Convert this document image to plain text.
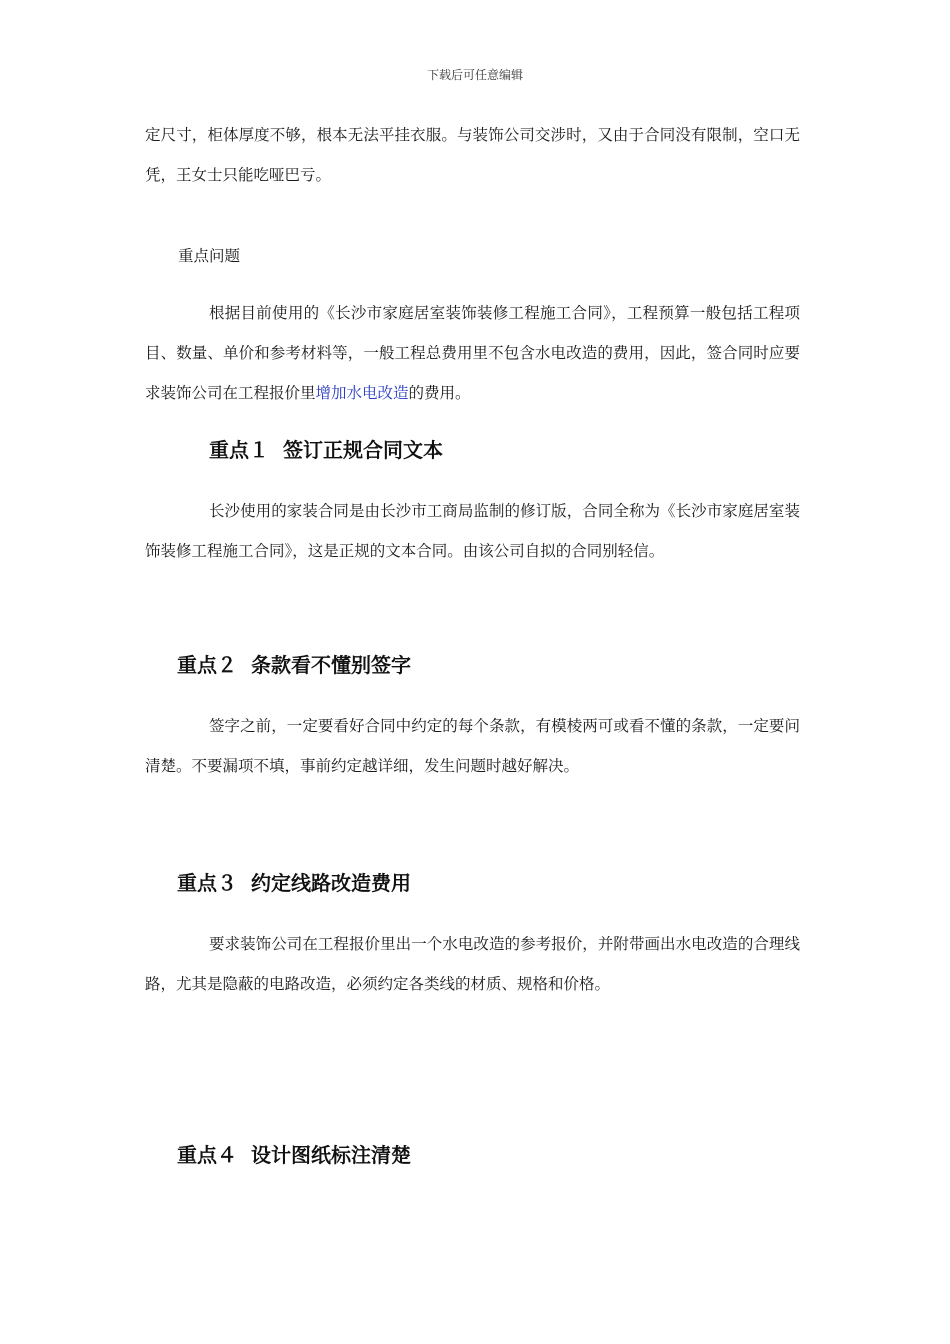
下载后可任意编辑

定尺寸，柜体厚度不够，根本无法平挂衣服。与装饰公司交涉时，又由于合同没有限制，空口无凭，王女士只能吃哑巴亏。

重点问题

根据目前使用的《长沙市家庭居室装饰装修工程施工合同》，工程预算一般包括工程项目、数量、单价和参考材料等，一般工程总费用里不包含水电改造的费用，因此，签合同时应要求装饰公司在工程报价里增加水电改造的费用。

重点１ 签订正规合同文本

长沙使用的家装合同是由长沙市工商局监制的修订版，合同全称为《长沙市家庭居室装饰装修工程施工合同》，这是正规的文本合同。由该公司自拟的合同别轻信。

重点２ 条款看不懂别签字

签字之前，一定要看好合同中约定的每个条款，有模棱两可或看不懂的条款，一定要问清楚。不要漏项不填，事前约定越详细，发生问题时越好解决。

重点３ 约定线路改造费用

要求装饰公司在工程报价里出一个水电改造的参考报价，并附带画出水电改造的合理线路，尤其是隐蔽的电路改造，必须约定各类线的材质、规格和价格。

重点４ 设计图纸标注清楚
